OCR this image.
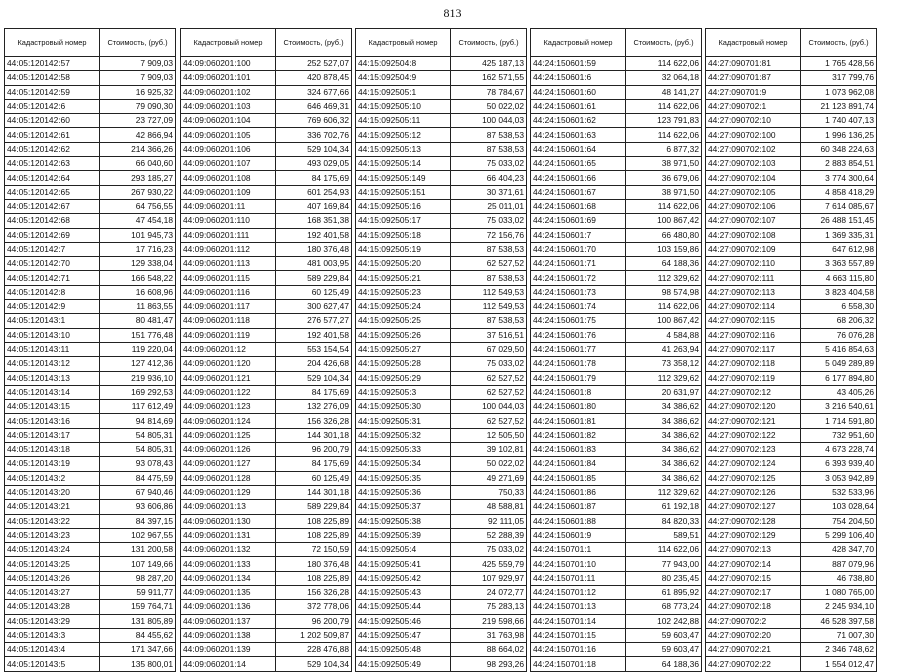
813
Кадастровый номер	Стоимость, (руб.)
44:05:120142:57	7 909,03
44:05:120142:58	7 909,03
44:05:120142:59	16 925,32
44:05:120142:6	79 090,30
44:05:120142:60	23 727,09
44:05:120142:61	42 866,94
44:05:120142:62	214 366,26
44:05:120142:63	66 040,60
44:05:120142:64	293 185,27
44:05:120142:65	267 930,22
44:05:120142:67	64 756,55
44:05:120142:68	47 454,18
44:05:120142:69	101 945,73
44:05:120142:7	17 716,23
44:05:120142:70	129 338,04
44:05:120142:71	166 548,22
44:05:120142:8	16 608,96
44:05:120142:9	11 863,55
44:05:120143:1	80 481,47
44:05:120143:10	151 776,48
44:05:120143:11	119 220,04
44:05:120143:12	127 412,36
44:05:120143:13	219 936,10
44:05:120143:14	169 292,53
44:05:120143:15	117 612,49
44:05:120143:16	94 814,69
44:05:120143:17	54 805,31
44:05:120143:18	54 805,31
44:05:120143:19	93 078,43
44:05:120143:2	84 475,59
44:05:120143:20	67 940,46
44:05:120143:21	93 606,86
44:05:120143:22	84 397,15
44:05:120143:23	102 967,55
44:05:120143:24	131 200,58
44:05:120143:25	107 149,66
44:05:120143:26	98 287,20
44:05:120143:27	59 911,77
44:05:120143:28	159 764,71
44:05:120143:29	131 805,89
44:05:120143:3	84 455,62
44:05:120143:4	171 347,66
44:05:120143:5	135 800,01
Кадастровый номер	Стоимость, (руб.)
44:09:060201:100	252 527,07
44:09:060201:101	420 878,45
44:09:060201:102	324 677,66
44:09:060201:103	646 469,31
44:09:060201:104	769 606,32
44:09:060201:105	336 702,76
44:09:060201:106	529 104,34
44:09:060201:107	493 029,05
44:09:060201:108	84 175,69
44:09:060201:109	601 254,93
44:09:060201:11	407 169,84
44:09:060201:110	168 351,38
44:09:060201:111	192 401,58
44:09:060201:112	180 376,48
44:09:060201:113	481 003,95
44:09:060201:115	589 229,84
44:09:060201:116	60 125,49
44:09:060201:117	300 627,47
44:09:060201:118	276 577,27
44:09:060201:119	192 401,58
44:09:060201:12	553 154,54
44:09:060201:120	204 426,68
44:09:060201:121	529 104,34
44:09:060201:122	84 175,69
44:09:060201:123	132 276,09
44:09:060201:124	156 326,28
44:09:060201:125	144 301,18
44:09:060201:126	96 200,79
44:09:060201:127	84 175,69
44:09:060201:128	60 125,49
44:09:060201:129	144 301,18
44:09:060201:13	589 229,84
44:09:060201:130	108 225,89
44:09:060201:131	108 225,89
44:09:060201:132	72 150,59
44:09:060201:133	180 376,48
44:09:060201:134	108 225,89
44:09:060201:135	156 326,28
44:09:060201:136	372 778,06
44:09:060201:137	96 200,79
44:09:060201:138	1 202 509,87
44:09:060201:139	228 476,88
44:09:060201:14	529 104,34
Кадастровый номер	Стоимость, (руб.)
44:15:092504:8	425 187,13
44:15:092504:9	162 571,55
44:15:092505:1	78 784,67
44:15:092505:10	50 022,02
44:15:092505:11	100 044,03
44:15:092505:12	87 538,53
44:15:092505:13	87 538,53
44:15:092505:14	75 033,02
44:15:092505:149	66 404,23
44:15:092505:151	30 371,61
44:15:092505:16	25 011,01
44:15:092505:17	75 033,02
44:15:092505:18	72 156,76
44:15:092505:19	87 538,53
44:15:092505:20	62 527,52
44:15:092505:21	87 538,53
44:15:092505:23	112 549,53
44:15:092505:24	112 549,53
44:15:092505:25	87 538,53
44:15:092505:26	37 516,51
44:15:092505:27	67 029,50
44:15:092505:28	75 033,02
44:15:092505:29	62 527,52
44:15:092505:3	62 527,52
44:15:092505:30	100 044,03
44:15:092505:31	62 527,52
44:15:092505:32	12 505,50
44:15:092505:33	39 102,81
44:15:092505:34	50 022,02
44:15:092505:35	49 271,69
44:15:092505:36	750,33
44:15:092505:37	48 588,81
44:15:092505:38	92 111,05
44:15:092505:39	52 288,39
44:15:092505:4	75 033,02
44:15:092505:41	425 559,79
44:15:092505:42	107 929,97
44:15:092505:43	24 072,77
44:15:092505:44	75 283,13
44:15:092505:46	219 598,66
44:15:092505:47	31 763,98
44:15:092505:48	88 664,02
44:15:092505:49	98 293,26
Кадастровый номер	Стоимость, (руб.)
44:24:150601:59	114 622,06
44:24:150601:6	32 064,18
44:24:150601:60	48 141,27
44:24:150601:61	114 622,06
44:24:150601:62	123 791,83
44:24:150601:63	114 622,06
44:24:150601:64	6 877,32
44:24:150601:65	38 971,50
44:24:150601:66	36 679,06
44:24:150601:67	38 971,50
44:24:150601:68	114 622,06
44:24:150601:69	100 867,42
44:24:150601:7	66 480,80
44:24:150601:70	103 159,86
44:24:150601:71	64 188,36
44:24:150601:72	112 329,62
44:24:150601:73	98 574,98
44:24:150601:74	114 622,06
44:24:150601:75	100 867,42
44:24:150601:76	4 584,88
44:24:150601:77	41 263,94
44:24:150601:78	73 358,12
44:24:150601:79	112 329,62
44:24:150601:8	20 631,97
44:24:150601:80	34 386,62
44:24:150601:81	34 386,62
44:24:150601:82	34 386,62
44:24:150601:83	34 386,62
44:24:150601:84	34 386,62
44:24:150601:85	34 386,62
44:24:150601:86	112 329,62
44:24:150601:87	61 192,18
44:24:150601:88	84 820,33
44:24:150601:9	589,51
44:24:150701:1	114 622,06
44:24:150701:10	77 943,00
44:24:150701:11	80 235,45
44:24:150701:12	61 895,92
44:24:150701:13	68 773,24
44:24:150701:14	102 242,88
44:24:150701:15	59 603,47
44:24:150701:16	59 603,47
44:24:150701:18	64 188,36
Кадастровый номер	Стоимость, (руб.)
44:27:090701:81	1 765 428,56
44:27:090701:87	317 799,76
44:27:090701:9	1 073 962,08
44:27:090702:1	21 123 891,74
44:27:090702:10	1 740 407,13
44:27:090702:100	1 996 136,25
44:27:090702:102	60 348 224,63
44:27:090702:103	2 883 854,51
44:27:090702:104	3 774 300,64
44:27:090702:105	4 858 418,29
44:27:090702:106	7 614 085,67
44:27:090702:107	26 488 151,45
44:27:090702:108	1 369 335,31
44:27:090702:109	647 612,98
44:27:090702:110	3 363 557,89
44:27:090702:111	4 663 115,80
44:27:090702:113	3 823 404,58
44:27:090702:114	6 558,30
44:27:090702:115	68 206,32
44:27:090702:116	76 076,28
44:27:090702:117	5 416 854,63
44:27:090702:118	5 049 289,89
44:27:090702:119	6 177 894,80
44:27:090702:12	43 405,26
44:27:090702:120	3 216 540,61
44:27:090702:121	1 714 591,80
44:27:090702:122	732 951,60
44:27:090702:123	4 673 228,74
44:27:090702:124	6 393 939,40
44:27:090702:125	3 053 942,89
44:27:090702:126	532 533,96
44:27:090702:127	103 028,64
44:27:090702:128	754 204,50
44:27:090702:129	5 299 106,40
44:27:090702:13	428 347,70
44:27:090702:14	887 079,96
44:27:090702:15	46 738,80
44:27:090702:17	1 080 765,00
44:27:090702:18	2 245 934,10
44:27:090702:2	46 528 397,58
44:27:090702:20	71 007,30
44:27:090702:21	2 346 748,62
44:27:090702:22	1 554 012,47
